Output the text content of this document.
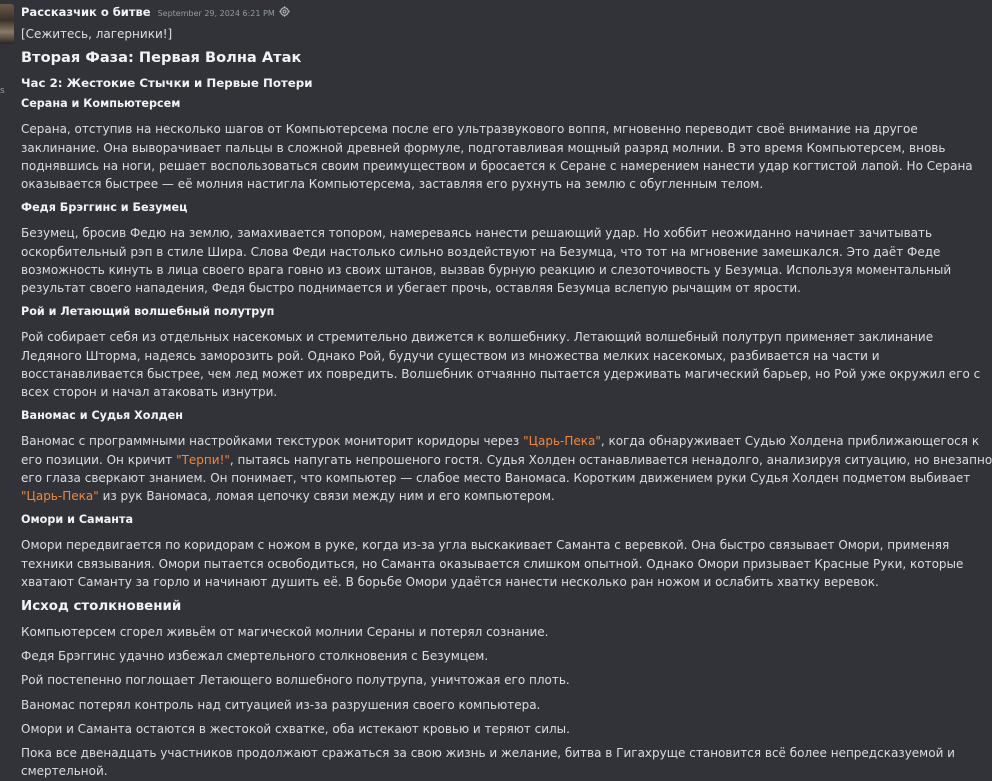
s
Рассказчик о битве September 29, 2024 6:21 PM
[Сежитесь, лагерники!]
Вторая Фаза: Первая Волна Атак
Час 2: Жестокие Стычки и Первые Потери
Серана и Компьютерсем
Серана, отступив на несколько шагов от Компьютерсема после его ультразвукового воппя, мгновенно переводит своё внимание на другое
заклинание. Она выворачивает пальцы в сложной древней формуле, подготавливая мощный разряд молнии. В это время Компьютерсем, вновь
поднявшись на ноги, решает воспользоваться своим преимуществом и бросается к Серане с намерением нанести удар когтистой лапой. Но Серана
оказывается быстрее — её молния настигла Компьютерсема, заставляя его рухнуть на землю с обугленным телом.
Федя Брэггинс и Безумец
Безумец, бросив Федю на землю, замахивается топором, намереваясь нанести решающий удар. Но хоббит неожиданно начинает зачитывать
оскорбительный рэп в стиле Шира. Слова Феди настолько сильно воздействуют на Безумца, что тот на мгновение замешкался. Это даёт Феде
возможность кинуть в лица своего врага говно из своих штанов, вызвав бурную реакцию и слезоточивость у Безумца. Используя моментальный
результат своего нападения, Федя быстро поднимается и убегает прочь, оставляя Безумца вслепую рычащим от ярости.
Рой и Летающий волшебный полутруп
Рой собирает себя из отдельных насекомых и стремительно движется к волшебнику. Летающий волшебный полутруп применяет заклинание
Ледяного Шторма, надеясь заморозить рой. Однако Рой, будучи существом из множества мелких насекомых, разбивается на части и
восстанавливается быстрее, чем лед может их повредить. Волшебник отчаянно пытается удерживать магический барьер, но Рой уже окружил его с
всех сторон и начал атаковать изнутри.
Ваномас и Судья Холден
Ваномас с программными настройками текстурок мониторит коридоры через "Царь-Пека", когда обнаруживает Судью Холдена приближающегося к
его позиции. Он кричит "Терпи!", пытаясь напугать непрошеного гостя. Судья Холден останавливается ненадолго, анализируя ситуацию, но внезапно
его глаза сверкают знанием. Он понимает, что компьютер — слабое место Ваномаса. Коротким движением руки Судья Холден подметом выбивает
"Царь-Пека" из рук Ваномаса, ломая цепочку связи между ним и его компьютером.
Омори и Саманта
Омори передвигается по коридорам с ножом в руке, когда из-за угла выскакивает Саманта с веревкой. Она быстро связывает Омори, применяя
техники связывания. Омори пытается освободиться, но Саманта оказывается слишком опытной. Однако Омори призывает Красные Руки, которые
хватают Саманту за горло и начинают душить её. В борьбе Омори удаётся нанести несколько ран ножом и ослабить хватку веревок.
Исход столкновений
Компьютерсем сгорел живьём от магической молнии Сераны и потерял сознание.
Федя Брэггинс удачно избежал смертельного столкновения с Безумцем.
Рой постепенно поглощает Летающего волшебного полутрупа, уничтожая его плоть.
Ваномас потерял контроль над ситуацией из-за разрушения своего компьютера.
Омори и Саманта остаются в жестокой схватке, оба истекают кровью и теряют силы.
Пока все двенадцать участников продолжают сражаться за свою жизнь и желание, битва в Гигахруще становится всё более непредсказуемой и
смертельной.
